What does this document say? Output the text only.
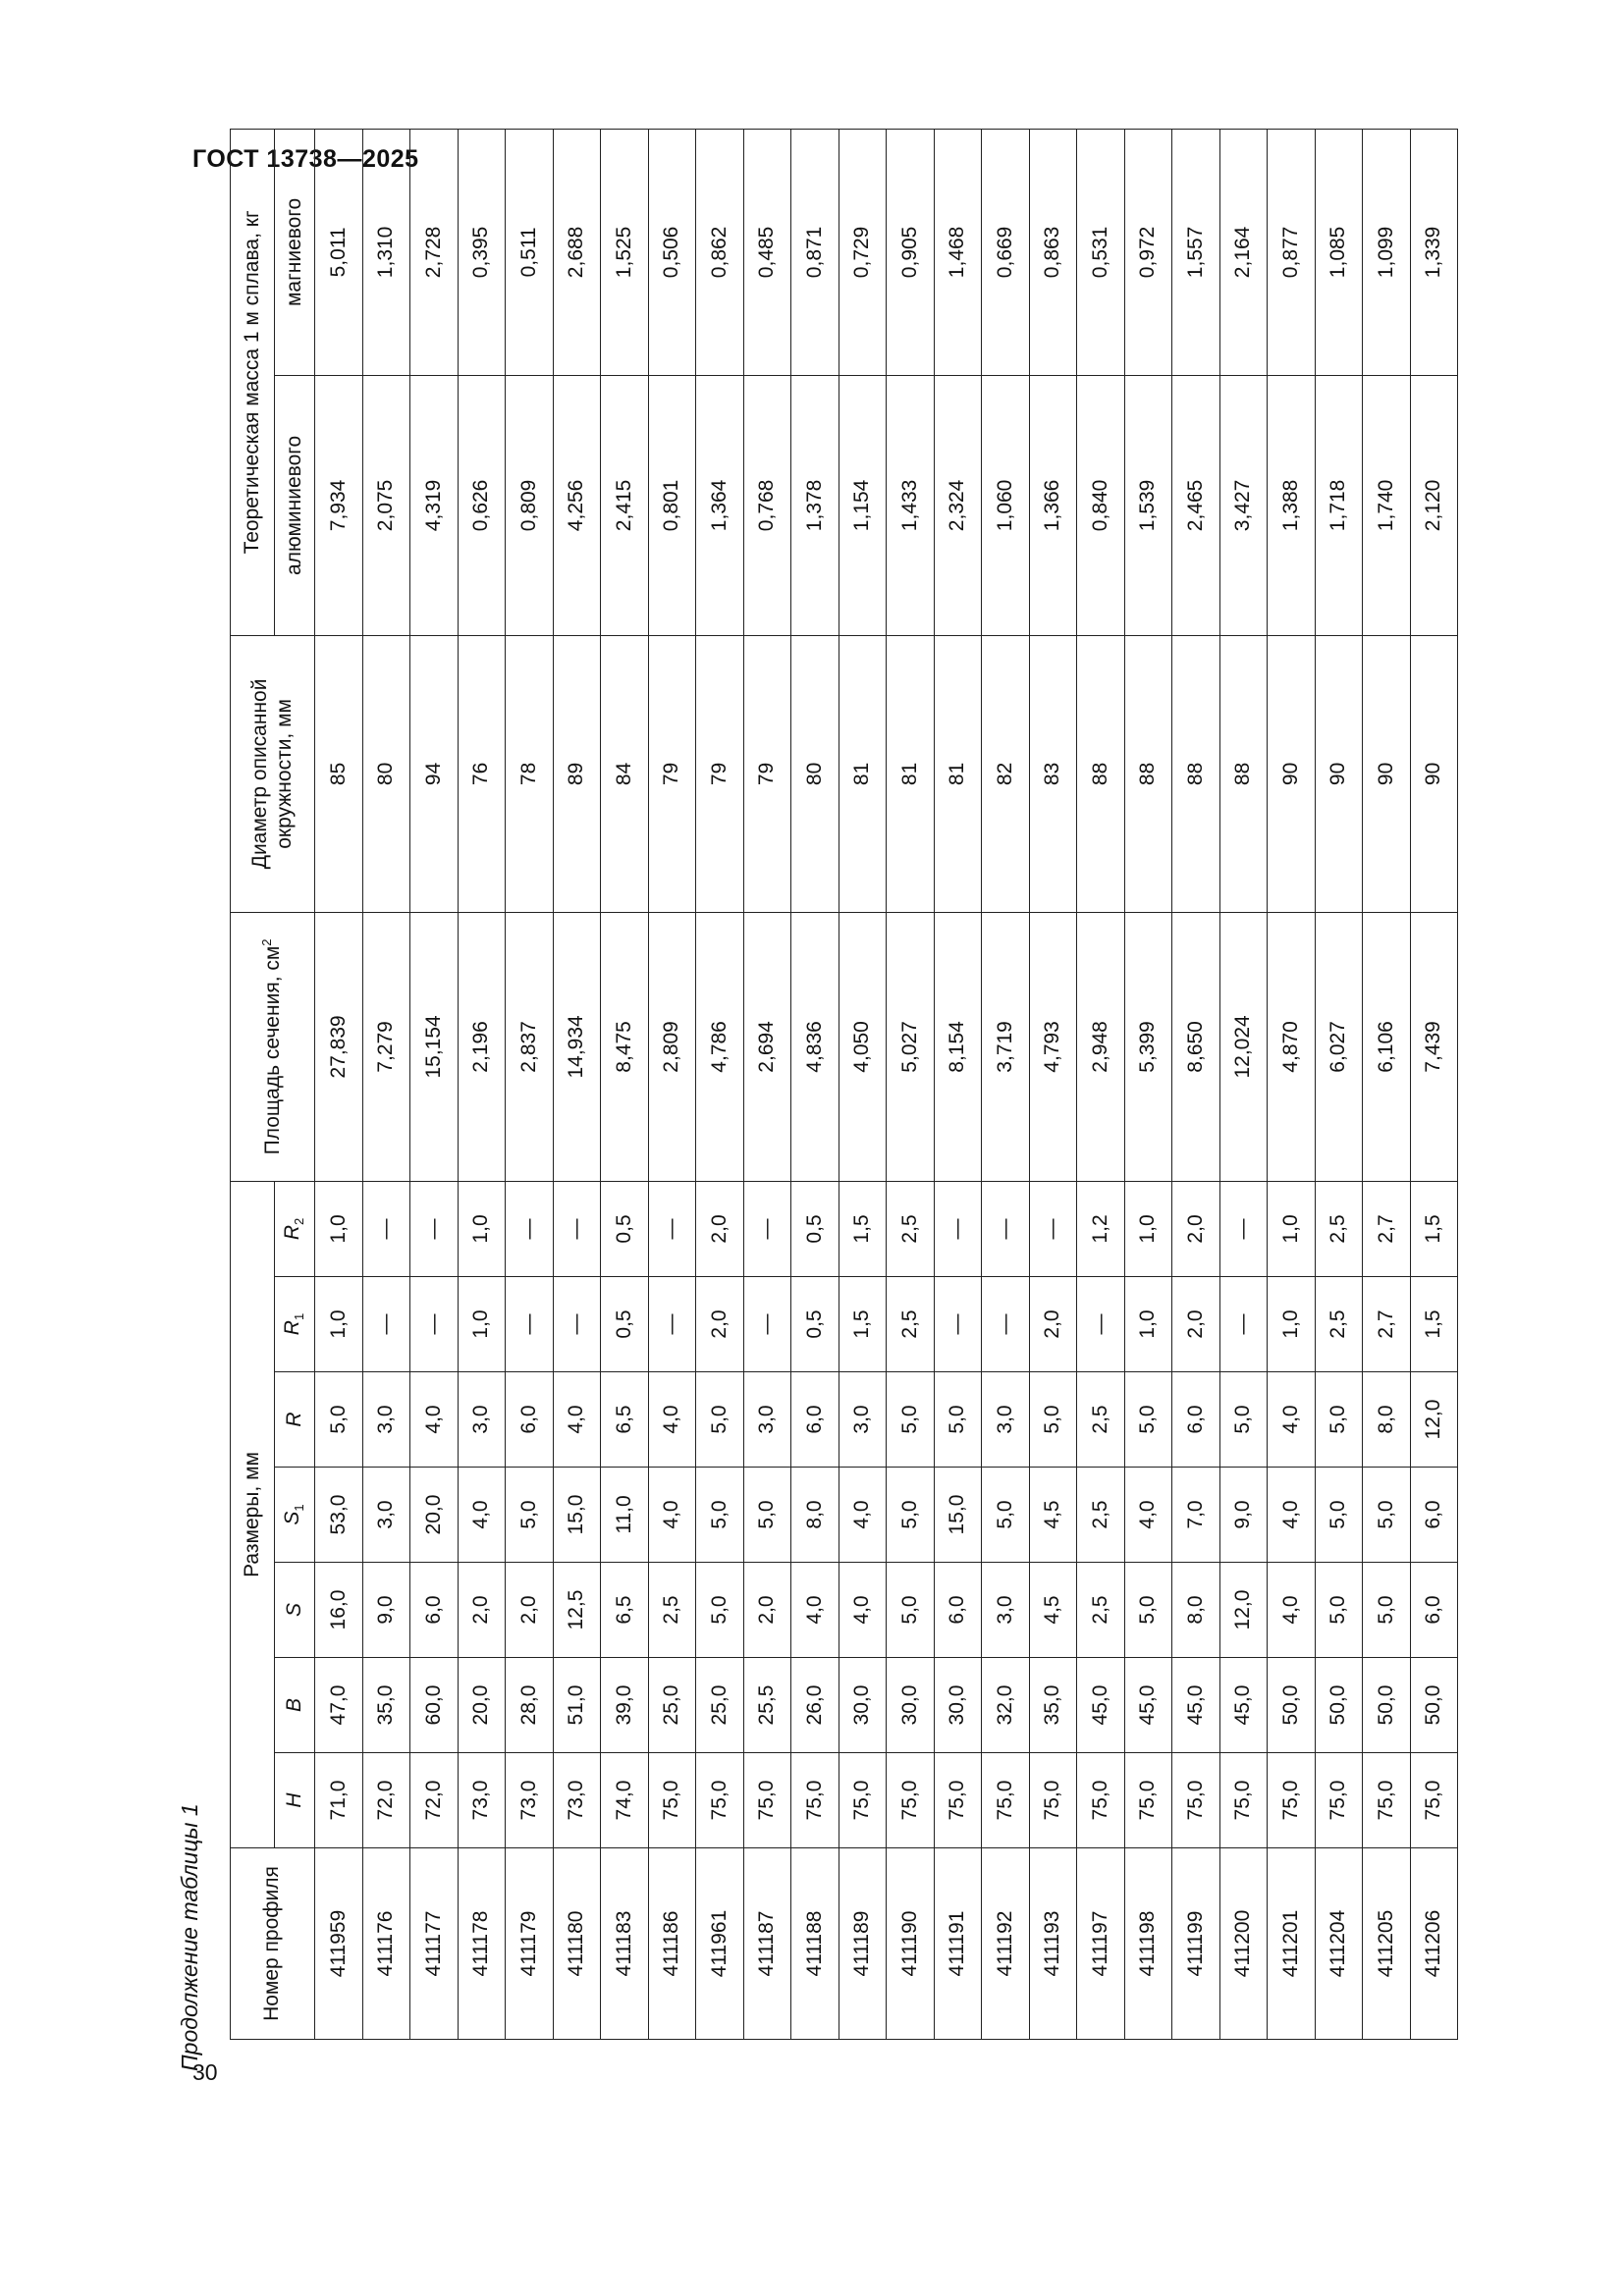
ГОСТ 13738—2025
30
Продолжение таблицы 1	Номер профиля	Размеры, мм							Площадь сечения, $см^2$	Диаметр описанной окружности, мм	Теоретическая масса 1 м сплава, кг	
	H	B	S	$S_1$	R	$R_1$	$R_2$			алюминиевого	магниевого
411959	71,0	47,0	16,0	53,0	5,0	1,0	1,0	27,839	85	7,934	5,011
411176	72,0	35,0	9,0	3,0	3,0	—	—	7,279	80	2,075	1,310
411177	72,0	60,0	6,0	20,0	4,0	—	—	15,154	94	4,319	2,728
411178	73,0	20,0	2,0	4,0	3,0	1,0	1,0	2,196	76	0,626	0,395
411179	73,0	28,0	2,0	5,0	6,0	—	—	2,837	78	0,809	0,511
411180	73,0	51,0	12,5	15,0	4,0	—	—	14,934	89	4,256	2,688
411183	74,0	39,0	6,5	11,0	6,5	0,5	0,5	8,475	84	2,415	1,525
411186	75,0	25,0	2,5	4,0	4,0	—	—	2,809	79	0,801	0,506
411961	75,0	25,0	5,0	5,0	5,0	2,0	2,0	4,786	79	1,364	0,862
411187	75,0	25,5	2,0	5,0	3,0	—	—	2,694	79	0,768	0,485
411188	75,0	26,0	4,0	8,0	6,0	0,5	0,5	4,836	80	1,378	0,871
411189	75,0	30,0	4,0	4,0	3,0	1,5	1,5	4,050	81	1,154	0,729
411190	75,0	30,0	5,0	5,0	5,0	2,5	2,5	5,027	81	1,433	0,905
411191	75,0	30,0	6,0	15,0	5,0	—	—	8,154	81	2,324	1,468
411192	75,0	32,0	3,0	5,0	3,0	—	—	3,719	82	1,060	0,669
411193	75,0	35,0	4,5	4,5	5,0	2,0	—	4,793	83	1,366	0,863
411197	75,0	45,0	2,5	2,5	2,5	—	1,2	2,948	88	0,840	0,531
411198	75,0	45,0	5,0	4,0	5,0	1,0	1,0	5,399	88	1,539	0,972
411199	75,0	45,0	8,0	7,0	6,0	2,0	2,0	8,650	88	2,465	1,557
411200	75,0	45,0	12,0	9,0	5,0	—	—	12,024	88	3,427	2,164
411201	75,0	50,0	4,0	4,0	4,0	1,0	1,0	4,870	90	1,388	0,877
411204	75,0	50,0	5,0	5,0	5,0	2,5	2,5	6,027	90	1,718	1,085
411205	75,0	50,0	5,0	5,0	8,0	2,7	2,7	6,106	90	1,740	1,099
411206	75,0	50,0	6,0	6,0	12,0	1,5	1,5	7,439	90	2,120	1,339
